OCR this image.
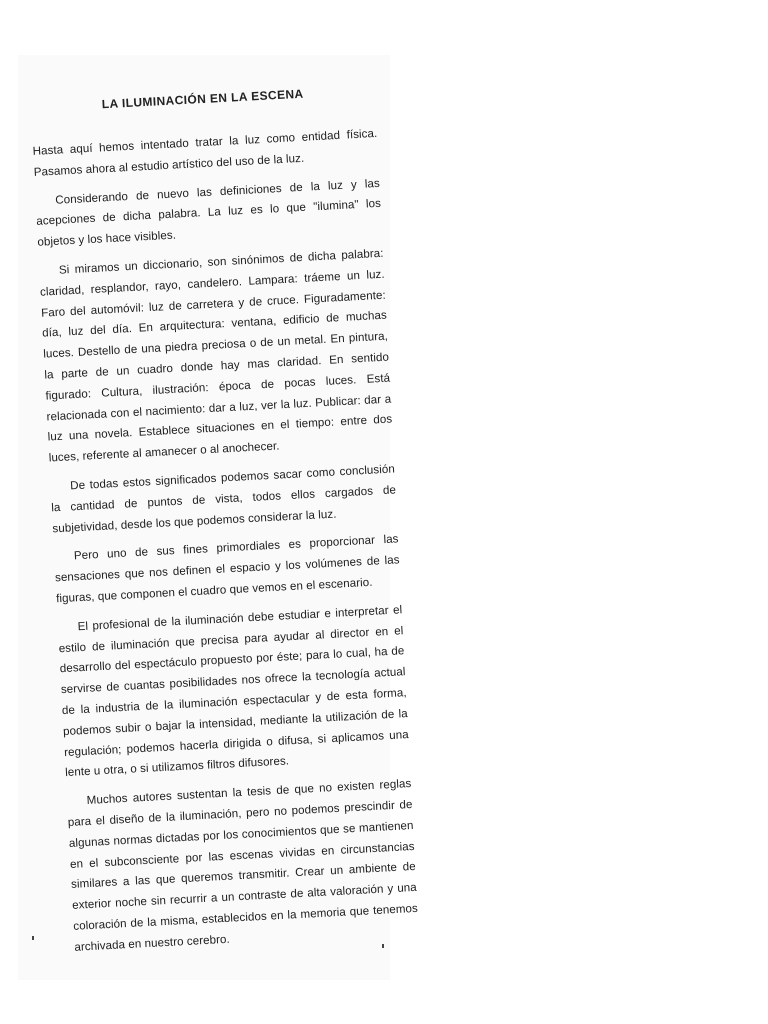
LA ILUMINACIÓN EN LA ESCENA

Hasta aquí hemos intentado tratar la luz como entidad física. Pasamos ahora al estudio artístico del uso de la luz.

Considerando de nuevo las definiciones de la luz y las acepciones de dicha palabra. La luz es lo que "ilumina" los objetos y los hace visibles.

Si miramos un diccionario, son sinónimos de dicha palabra: claridad, resplandor, rayo, candelero. Lampara: tráeme un luz. Faro del automóvil: luz de carretera y de cruce. Figuradamente: día, luz del día. En arquitectura: ventana, edificio de muchas luces. Destello de una piedra preciosa o de un metal. En pintura, la parte de un cuadro donde hay mas claridad. En sentido figurado: Cultura, ilustración: época de pocas luces. Está relacionada con el nacimiento: dar a luz, ver la luz. Publicar: dar a luz una novela. Establece situaciones en el tiempo: entre dos luces, referente al amanecer o al anochecer.

De todas estos significados podemos sacar como conclusión la cantidad de puntos de vista, todos ellos cargados de subjetividad, desde los que podemos considerar la luz.

Pero uno de sus fines primordiales es proporcionar las sensaciones que nos definen el espacio y los volúmenes de las figuras, que componen el cuadro que vemos en el escenario.

El profesional de la iluminación debe estudiar e interpretar el estilo de iluminación que precisa para ayudar al director en el desarrollo del espectáculo propuesto por éste; para lo cual, ha de servirse de cuantas posibilidades nos ofrece la tecnología actual de la industria de la iluminación espectacular y de esta forma, podemos subir o bajar la intensidad, mediante la utilización de la regulación; podemos hacerla dirigida o difusa, si aplicamos una lente u otra, o si utilizamos filtros difusores.

Muchos autores sustentan la tesis de que no existen reglas para el diseño de la iluminación, pero no podemos prescindir de algunas normas dictadas por los conocimientos que se mantienen en el subconsciente por las escenas vividas en circunstancias similares a las que queremos transmitir. Crear un ambiente de exterior noche sin recurrir a un contraste de alta valoración y una coloración de la misma, establecidos en la memoria que tenemos archivada en nuestro cerebro.
